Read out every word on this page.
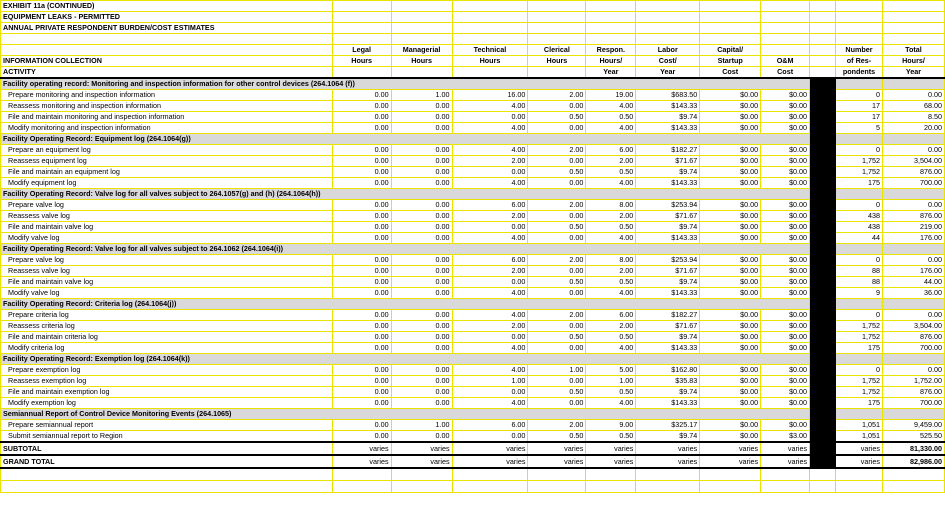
EXHIBIT 11a (CONTINUED)											
EQUIPMENT LEAKS - PERMITTED											
ANNUAL PRIVATE RESPONDENT BURDEN/COST ESTIMATES											

	Legal	Managerial	Technical	Clerical	Respon.	Labor	Capital/			Number	Total
INFORMATION COLLECTION	Hours	Hours	Hours	Hours	Hours/	Cost/	Startup	O&M		of Res-	Hours/
ACTIVITY					Year	Year	Cost	Cost		pondents	Year
Facility operating record: Monitoring and inspection information for other control devices (264.1064 (f))											
Prepare monitoring and inspection information	0.00	1.00	16.00	2.00	19.00	$683.50	$0.00	$0.00		0	0.00
Reassess monitoring and inspection information	0.00	0.00	4.00	0.00	4.00	$143.33	$0.00	$0.00		17	68.00
File and maintain monitoring and inspection information	0.00	0.00	0.00	0.50	0.50	$9.74	$0.00	$0.00		17	8.50
Modify monitoring and inspection information	0.00	0.00	4.00	0.00	4.00	$143.33	$0.00	$0.00		5	20.00
Facility Operating Record: Equipment log (264.1064(g))											
Prepare an equipment log	0.00	0.00	4.00	2.00	6.00	$182.27	$0.00	$0.00		0	0.00
Reassess equipment log	0.00	0.00	2.00	0.00	2.00	$71.67	$0.00	$0.00		1,752	3,504.00
File and maintain an equipment log	0.00	0.00	0.00	0.50	0.50	$9.74	$0.00	$0.00		1,752	876.00
Modify equipment log	0.00	0.00	4.00	0.00	4.00	$143.33	$0.00	$0.00		175	700.00
Facility Operating Record: Valve log for all valves subject to 264.1057(g) and (h) (264.1064(h))											
Prepare valve log	0.00	0.00	6.00	2.00	8.00	$253.94	$0.00	$0.00		0	0.00
Reassess valve log	0.00	0.00	2.00	0.00	2.00	$71.67	$0.00	$0.00		438	876.00
File and maintain valve log	0.00	0.00	0.00	0.50	0.50	$9.74	$0.00	$0.00		438	219.00
Modify valve log	0.00	0.00	4.00	0.00	4.00	$143.33	$0.00	$0.00		44	176.00
Facility Operating Record: Valve log for all valves subject to 264.1062 (264.1064(i))											
Prepare valve log	0.00	0.00	6.00	2.00	8.00	$253.94	$0.00	$0.00		0	0.00
Reassess valve log	0.00	0.00	2.00	0.00	2.00	$71.67	$0.00	$0.00		88	176.00
File and maintain valve log	0.00	0.00	0.00	0.50	0.50	$9.74	$0.00	$0.00		88	44.00
Modify valve log	0.00	0.00	4.00	0.00	4.00	$143.33	$0.00	$0.00		9	36.00
Facility Operating Record: Criteria log (264.1064(j))											
Prepare criteria log	0.00	0.00	4.00	2.00	6.00	$182.27	$0.00	$0.00		0	0.00
Reassess criteria log	0.00	0.00	2.00	0.00	2.00	$71.67	$0.00	$0.00		1,752	3,504.00
File and maintain criteria log	0.00	0.00	0.00	0.50	0.50	$9.74	$0.00	$0.00		1,752	876.00
Modify criteria log	0.00	0.00	4.00	0.00	4.00	$143.33	$0.00	$0.00		175	700.00
Facility Operating Record: Exemption log (264.1064(k))											
Prepare exemption log	0.00	0.00	4.00	1.00	5.00	$162.80	$0.00	$0.00		0	0.00
Reassess exemption log	0.00	0.00	1.00	0.00	1.00	$35.83	$0.00	$0.00		1,752	1,752.00
File and maintain exemption log	0.00	0.00	0.00	0.50	0.50	$9.74	$0.00	$0.00		1,752	876.00
Modify exemption log	0.00	0.00	4.00	0.00	4.00	$143.33	$0.00	$0.00		175	700.00
Semiannual Report of Control Device Monitoring Events (264.1065)											
Prepare semiannual report	0.00	1.00	6.00	2.00	9.00	$325.17	$0.00	$0.00		1,051	9,459.00
Submit semiannual report to Region	0.00	0.00	0.00	0.50	0.50	$9.74	$0.00	$3.00		1,051	525.50
SUBTOTAL	varies	varies	varies	varies	varies	varies	varies	varies		varies	81,330.00
GRAND TOTAL	varies	varies	varies	varies	varies	varies	varies	varies		varies	82,986.00
